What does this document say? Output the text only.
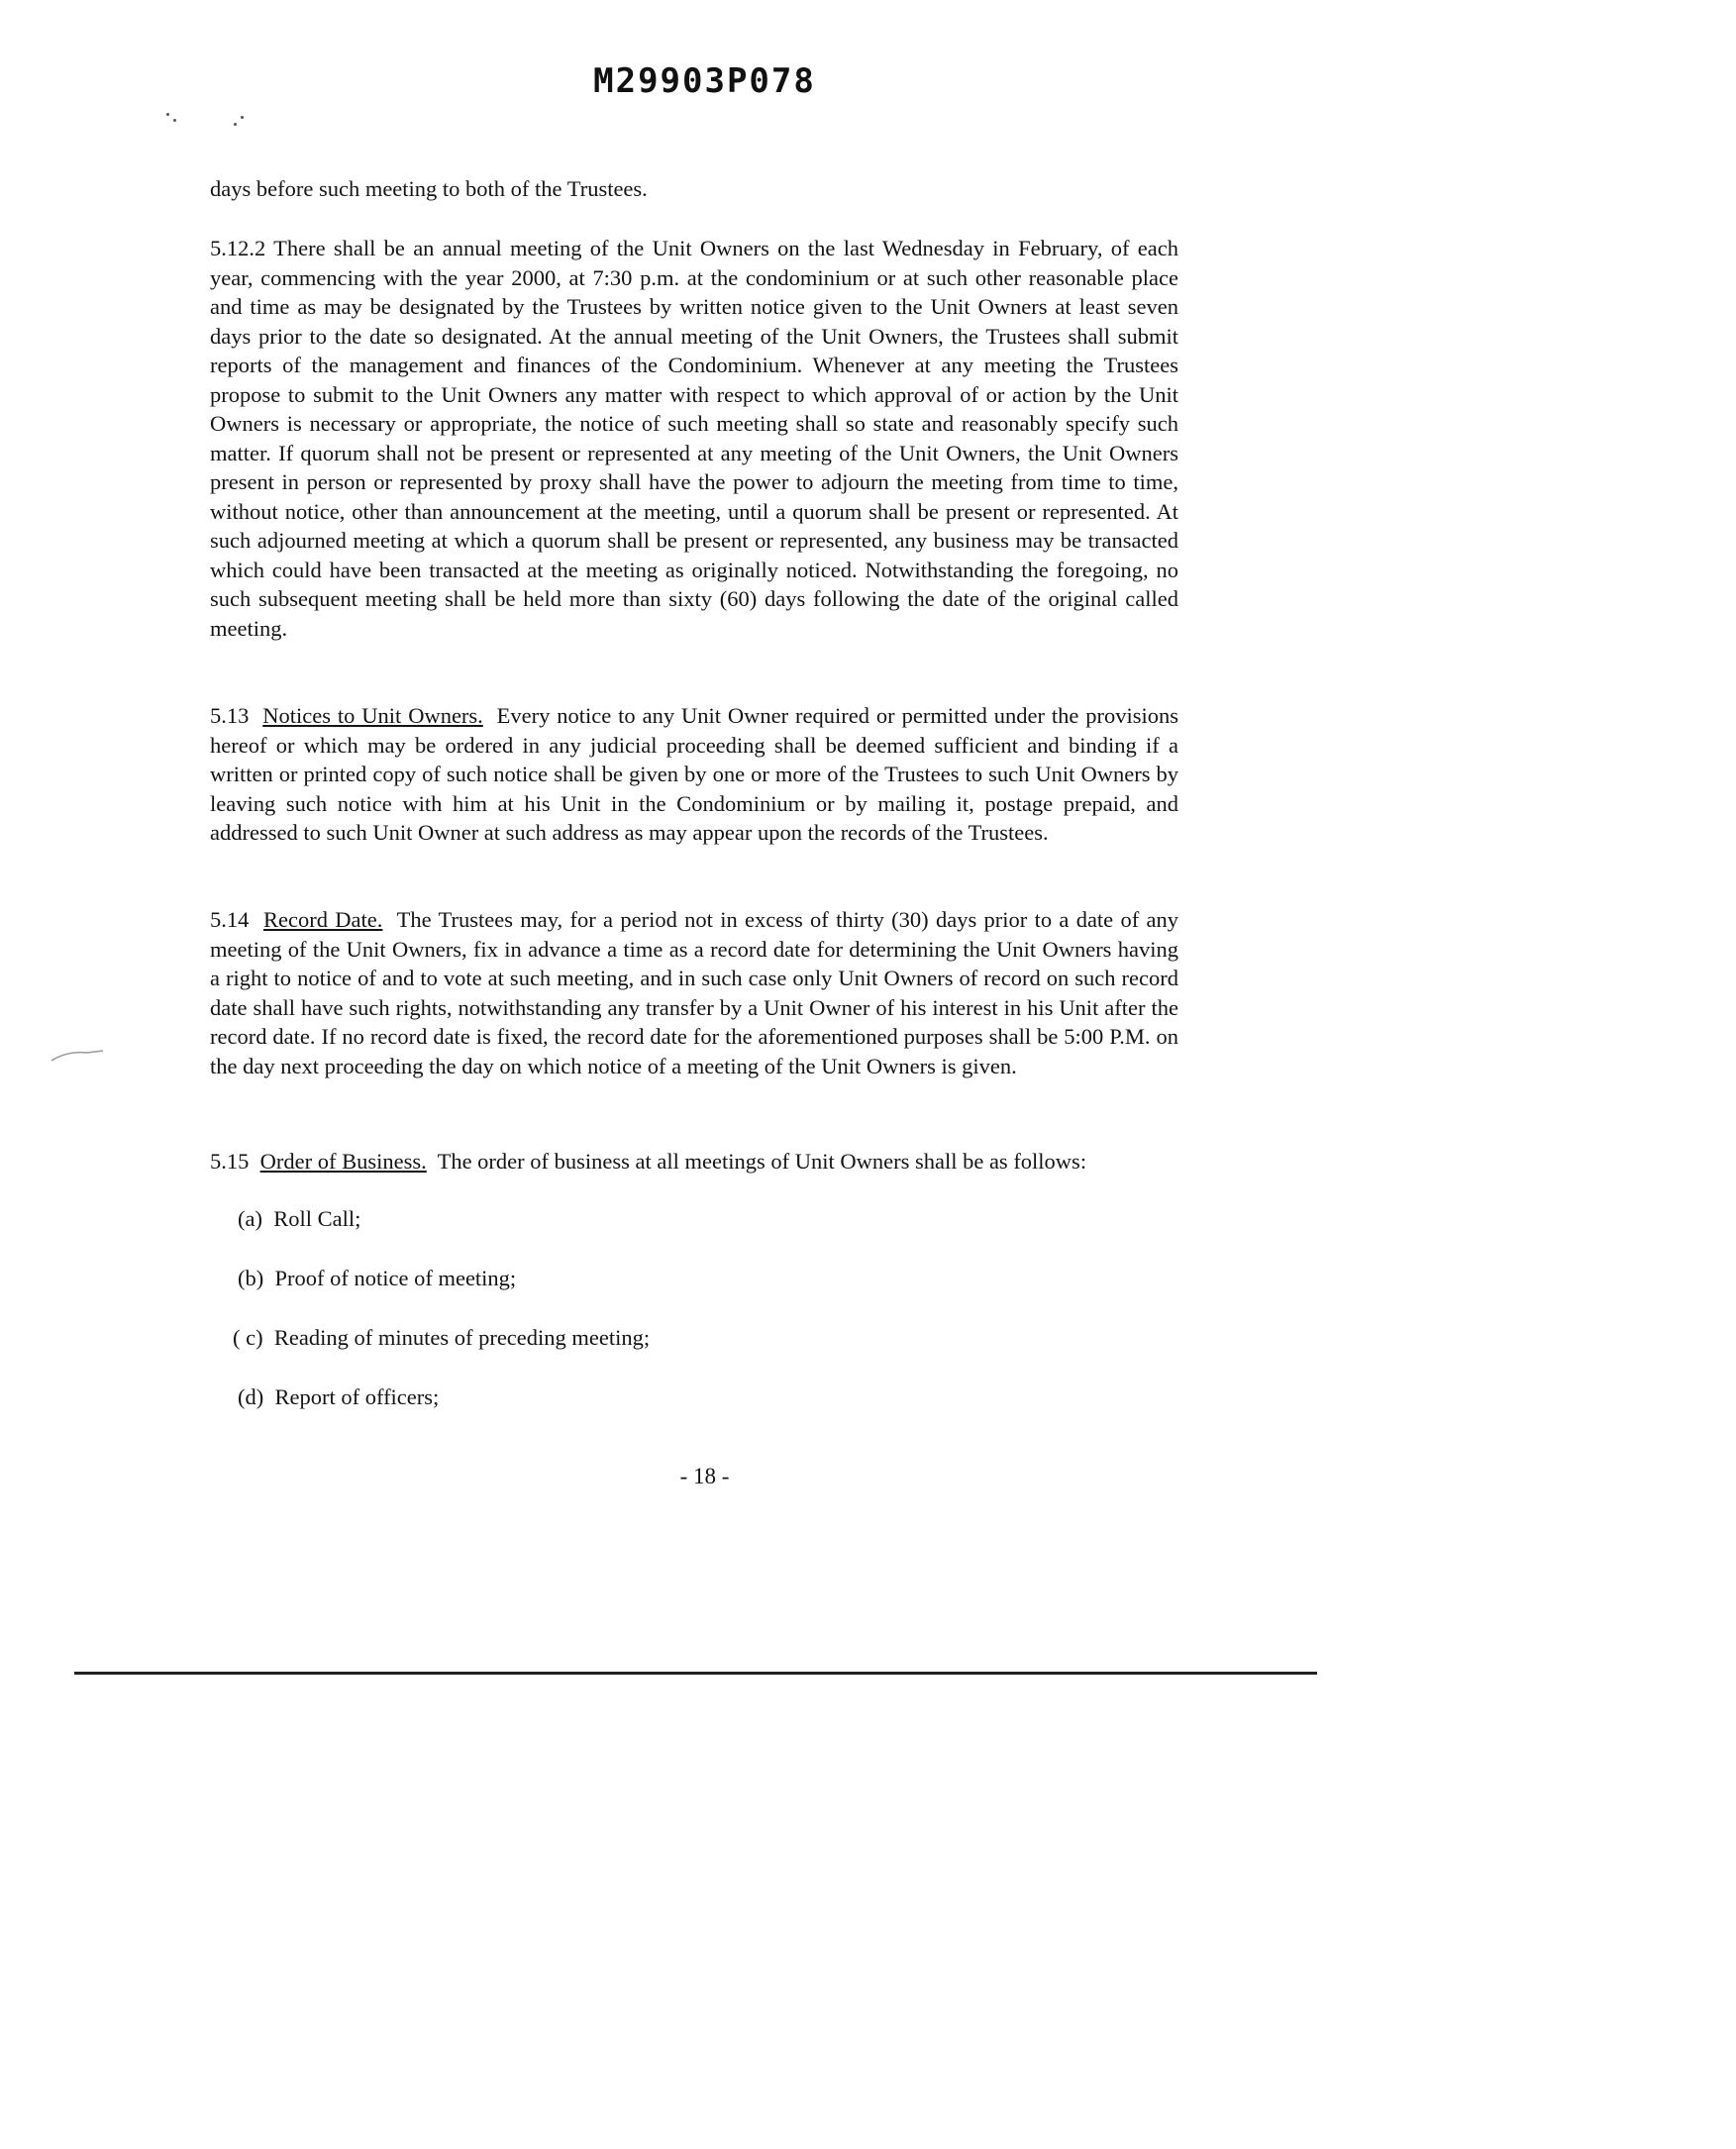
M29903P078

days before such meeting to both of the Trustees.

5.12.2 There shall be an annual meeting of the Unit Owners on the last Wednesday in February, of each year, commencing with the year 2000, at 7:30 p.m. at the condominium or at such other reasonable place and time as may be designated by the Trustees by written notice given to the Unit Owners at least seven days prior to the date so designated. At the annual meeting of the Unit Owners, the Trustees shall submit reports of the management and finances of the Condominium. Whenever at any meeting the Trustees propose to submit to the Unit Owners any matter with respect to which approval of or action by the Unit Owners is necessary or appropriate, the notice of such meeting shall so state and reasonably specify such matter. If quorum shall not be present or represented at any meeting of the Unit Owners, the Unit Owners present in person or represented by proxy shall have the power to adjourn the meeting from time to time, without notice, other than announcement at the meeting, until a quorum shall be present or represented. At such adjourned meeting at which a quorum shall be present or represented, any business may be transacted which could have been transacted at the meeting as originally noticed. Notwithstanding the foregoing, no such subsequent meeting shall be held more than sixty (60) days following the date of the original called meeting.

5.13 Notices to Unit Owners. Every notice to any Unit Owner required or permitted under the provisions hereof or which may be ordered in any judicial proceeding shall be deemed sufficient and binding if a written or printed copy of such notice shall be given by one or more of the Trustees to such Unit Owners by leaving such notice with him at his Unit in the Condominium or by mailing it, postage prepaid, and addressed to such Unit Owner at such address as may appear upon the records of the Trustees.

5.14 Record Date. The Trustees may, for a period not in excess of thirty (30) days prior to a date of any meeting of the Unit Owners, fix in advance a time as a record date for determining the Unit Owners having a right to notice of and to vote at such meeting, and in such case only Unit Owners of record on such record date shall have such rights, notwithstanding any transfer by a Unit Owner of his interest in his Unit after the record date. If no record date is fixed, the record date for the aforementioned purposes shall be 5:00 P.M. on the day next proceeding the day on which notice of a meeting of the Unit Owners is given.

5.15 Order of Business. The order of business at all meetings of Unit Owners shall be as follows:

(a) Roll Call;
(b) Proof of notice of meeting;
( c) Reading of minutes of preceding meeting;
(d) Report of officers;
- 18 -
